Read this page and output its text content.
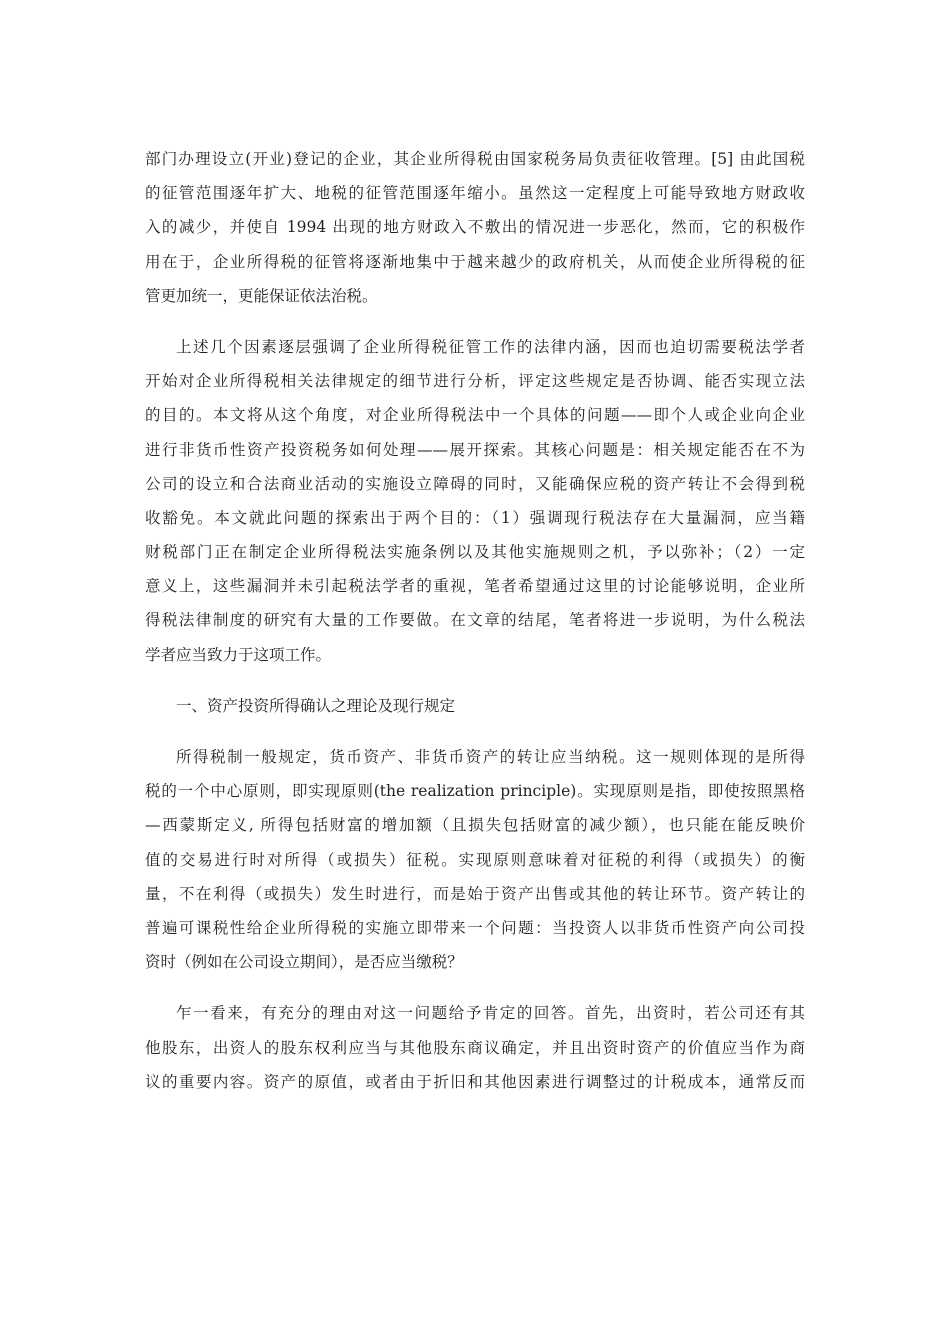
部门办理设立(开业)登记的企业，其企业所得税由国家税务局负责征收管理。[5] 由此国税
的征管范围逐年扩大、地税的征管范围逐年缩小。虽然这一定程度上可能导致地方财政收
入的减少，并使自 1994 出现的地方财政入不敷出的情况进一步恶化，然而，它的积极作
用在于，企业所得税的征管将逐渐地集中于越来越少的政府机关，从而使企业所得税的征
管更加统一，更能保证依法治税。
上述几个因素逐层强调了企业所得税征管工作的法律内涵，因而也迫切需要税法学者
开始对企业所得税相关法律规定的细节进行分析，评定这些规定是否协调、能否实现立法
的目的。本文将从这个角度，对企业所得税法中一个具体的问题——即个人或企业向企业
进行非货币性资产投资税务如何处理——展开探索。其核心问题是：相关规定能否在不为
公司的设立和合法商业活动的实施设立障碍的同时，又能确保应税的资产转让不会得到税
收豁免。本文就此问题的探索出于两个目的：（1）强调现行税法存在大量漏洞，应当籍
财税部门正在制定企业所得税法实施条例以及其他实施规则之机，予以弥补；（2）一定
意义上，这些漏洞并未引起税法学者的重视，笔者希望通过这里的讨论能够说明，企业所
得税法律制度的研究有大量的工作要做。在文章的结尾，笔者将进一步说明，为什么税法
学者应当致力于这项工作。
一、资产投资所得确认之理论及现行规定
所得税制一般规定，货币资产、非货币资产的转让应当纳税。这一规则体现的是所得
税的一个中心原则，即实现原则(the realization principle)。实现原则是指，即使按照黑格
—西蒙斯定义, 所得包括财富的增加额（且损失包括财富的减少额），也只能在能反映价
值的交易进行时对所得（或损失）征税。实现原则意味着对征税的利得（或损失）的衡
量，不在利得（或损失）发生时进行，而是始于资产出售或其他的转让环节。资产转让的
普遍可课税性给企业所得税的实施立即带来一个问题：当投资人以非货币性资产向公司投
资时（例如在公司设立期间），是否应当缴税？
乍一看来，有充分的理由对这一问题给予肯定的回答。首先，出资时，若公司还有其
他股东，出资人的股东权利应当与其他股东商议确定，并且出资时资产的价值应当作为商
议的重要内容。资产的原值，或者由于折旧和其他因素进行调整过的计税成本，通常反而
